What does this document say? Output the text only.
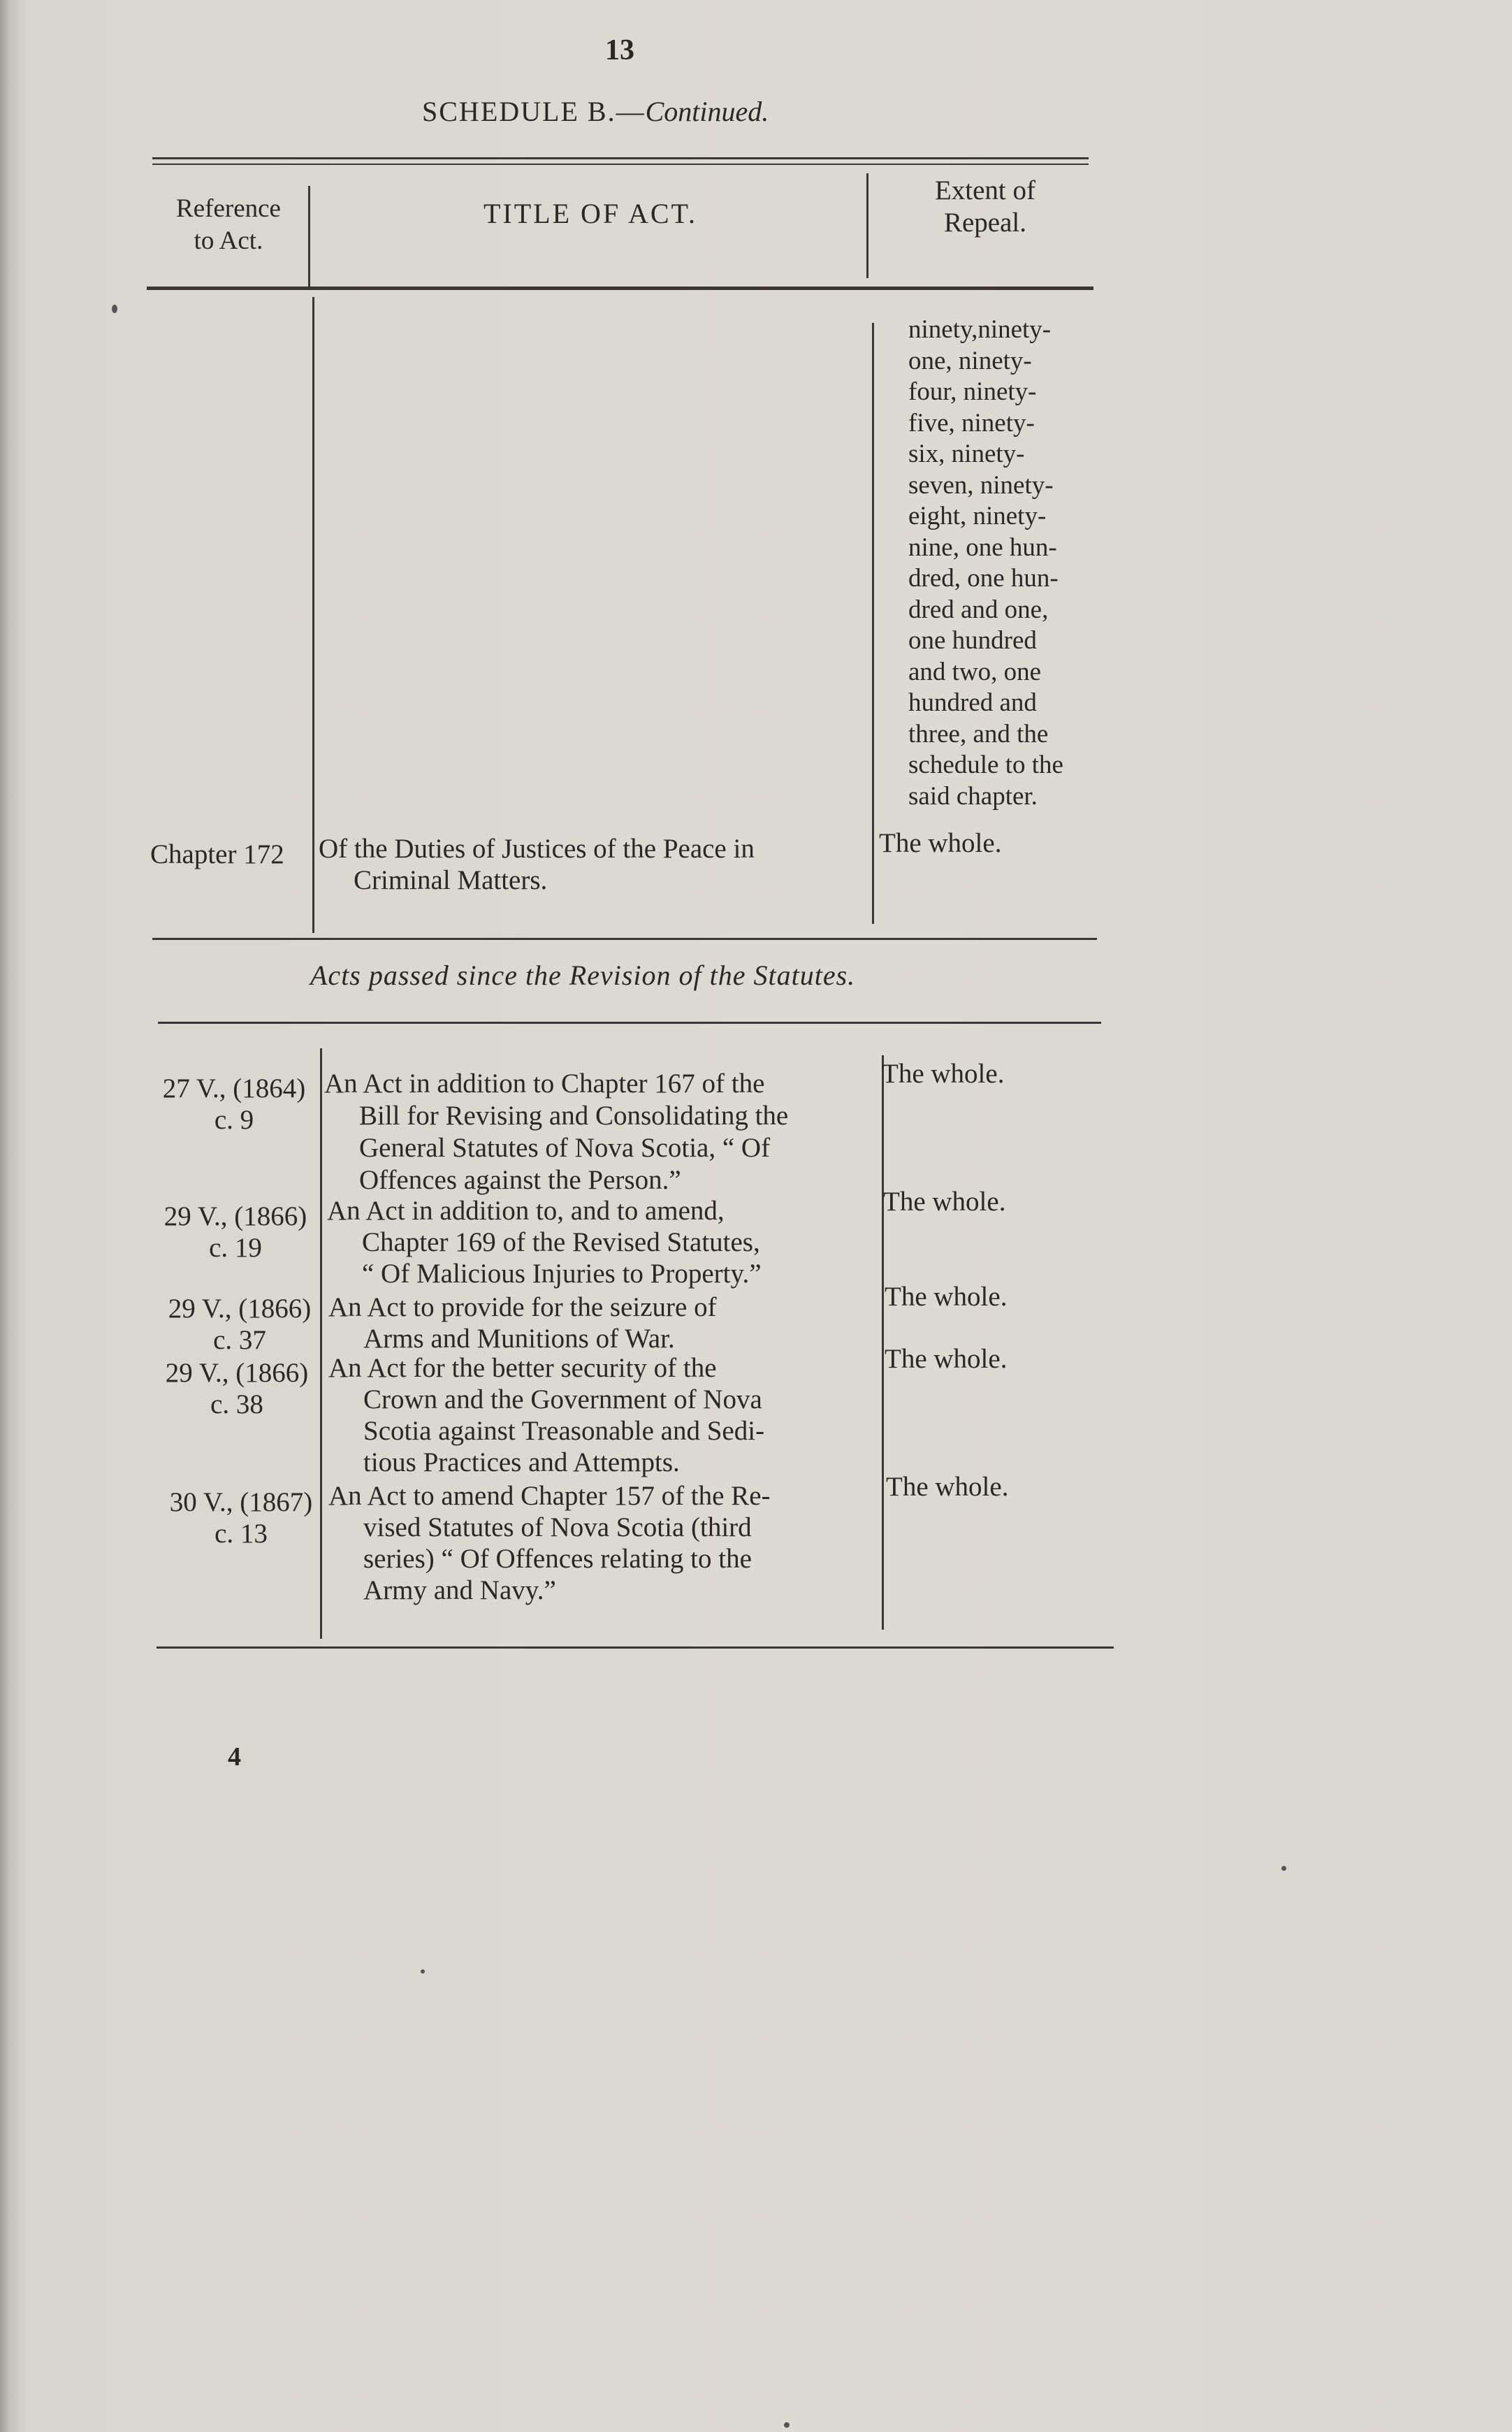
13
SCHEDULE B.—Continued.
Reference
to Act.
TITLE OF ACT.
Extent of
Repeal.
ninety,ninety-
one, ninety-
four, ninety-
five, ninety-
six, ninety-
seven, ninety-
eight, ninety-
nine, one hun-
dred, one hun-
dred and one,
one hundred
and two, one
hundred and
three, and the
schedule to the
said chapter.
Chapter 172 Of the Duties of Justices of the Peace in
Criminal Matters.
The whole.
Acts passed since the Revision of the Statutes.
27 V., (1864)
c. 9
An Act in addition to Chapter 167 of the
Bill for Revising and Consolidating the
General Statutes of Nova Scotia, “ Of
Offences against the Person.”
The whole.
29 V., (1866)
c. 19
An Act in addition to, and to amend,
Chapter 169 of the Revised Statutes,
“ Of Malicious Injuries to Property.”
The whole.
29 V., (1866)
c. 37
An Act to provide for the seizure of
Arms and Munitions of War.
The whole.
29 V., (1866)
c. 38
An Act for the better security of the
Crown and the Government of Nova
Scotia against Treasonable and Sedi-
tious Practices and Attempts.
The whole.
30 V., (1867)
c. 13
An Act to amend Chapter 157 of the Re-
vised Statutes of Nova Scotia (third
series) “ Of Offences relating to the
Army and Navy.”
The whole.
4
